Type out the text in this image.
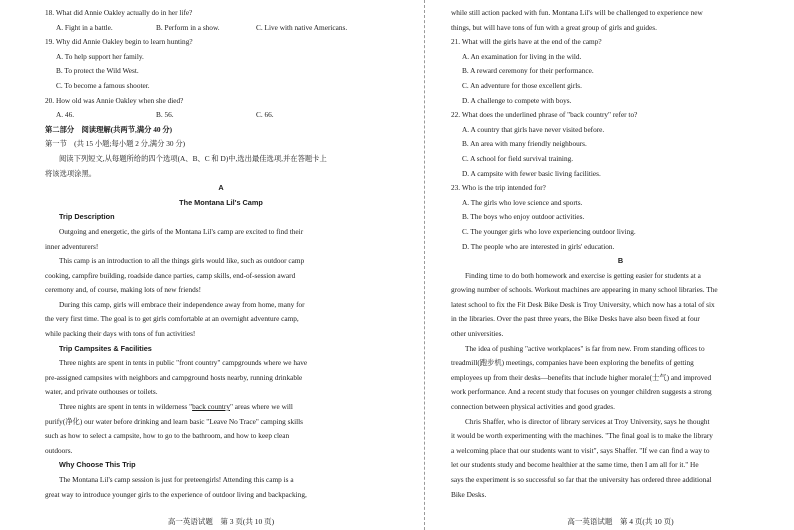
18. What did Annie Oakley actually do in her life?
A. Fight in a battle.	B. Perform in a show.	C. Live with native Americans.
19. Why did Annie Oakley begin to learn hunting?
A. To help support her family.
B. To protect the Wild West.
C. To become a famous shooter.
20. How old was Annie Oakley when she died?
A. 46.	B. 56.	C. 66.
第二部分　阅读理解(共两节,满分 40 分)
第一节　(共 15 小题;每小题 2 分,满分 30 分)
阅读下列短文,从每题所给的四个选项(A、B、C 和 D)中,选出最佳选项,并在答题卡上
将该选项涂黑。
A
The Montana Lil's Camp
Trip Description
Outgoing and energetic, the girls of the Montana Lil's camp are excited to find their
inner adventurers!
This camp is an introduction to all the things girls would like, such as outdoor camp
cooking, campfire building, roadside dance parties, camp skills, end-of-session award
ceremony and, of course, making lots of new friends!
During this camp, girls will embrace their independence away from home, many for
the very first time. The goal is to get girls comfortable at an overnight adventure camp,
while packing their days with tons of fun activities!
Trip Campsites & Facilities
Three nights are spent in tents in public "front country" campgrounds where we have
pre-assigned campsites with neighbors and campground hosts nearby, running drinkable
water, and private outhouses or toilets.
Three nights are spent in tents in wilderness "back country" areas where we will
purify(净化) our water before drinking and learn basic "Leave No Trace" camping skills
such as how to select a campsite, how to go to the bathroom, and how to keep clean
outdoors.
Why Choose This Trip
The Montana Lil's camp session is just for preteengirls! Attending this camp is a
great way to introduce younger girls to the experience of outdoor living and backpacking,
高一英语试题　第 3 页(共 10 页)
while still action packed with fun. Montana Lil's will be challenged to experience new
things, but will have tons of fun with a great group of girls and guides.
21. What will the girls have at the end of the camp?
A. An examination for living in the wild.
B. A reward ceremony for their performance.
C. An adventure for those excellent girls.
D. A challenge to compete with boys.
22. What does the underlined phrase of "back country" refer to?
A. A country that girls have never visited before.
B. An area with many friendly neighbours.
C. A school for field survival training.
D. A campsite with fewer basic living facilities.
23. Who is the trip intended for?
A. The girls who love science and sports.
B. The boys who enjoy outdoor activities.
C. The younger girls who love experiencing outdoor living.
D. The people who are interested in girls' education.
B
Finding time to do both homework and exercise is getting easier for students at a
growing number of schools. Workout machines are appearing in many school libraries. The
latest school to fix the Fit Desk Bike Desk is Troy University, which now has a total of six
in the libraries. Over the past three years, the Bike Desks have also been fixed at four
other universities.
The idea of pushing "active workplaces" is far from new. From standing offices to
treadmill(跑步机) meetings, companies have been exploring the benefits of getting
employees up from their desks—benefits that include higher morale(士气) and improved
work performance. And a recent study that focuses on younger children suggests a strong
connection between physical activities and good grades.
Chris Shaffer, who is director of library services at Troy University, says he thought
it would be worth experimenting with the machines. "The final goal is to make the library
a welcoming place that our students want to visit", says Shaffer. "If we can find a way to
let our students study and become healthier at the same time, then I am all for it." He
says the experiment is so successful so far that the university has ordered three additional
Bike Desks.
高一英语试题　第 4 页(共 10 页)
